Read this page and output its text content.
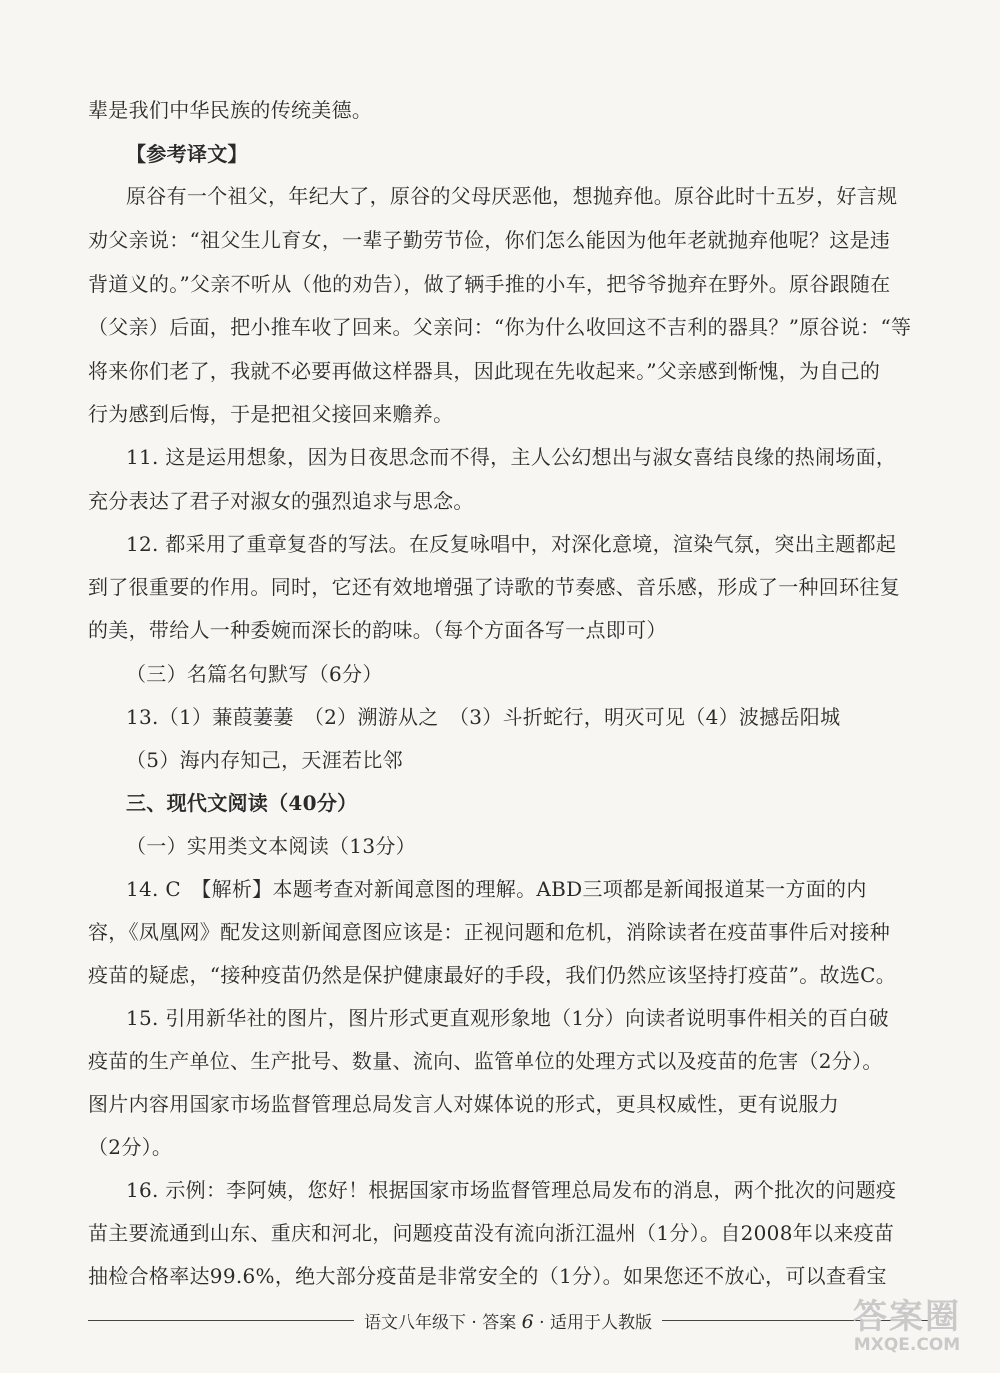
辈是我们中华民族的传统美德。
【参考译文】
原谷有一个祖父，年纪大了，原谷的父母厌恶他，想抛弃他。原谷此时十五岁，好言规
劝父亲说：“祖父生儿育女，一辈子勤劳节俭，你们怎么能因为他年老就抛弃他呢？这是违
背道义的。”父亲不听从（他的劝告），做了辆手推的小车，把爷爷抛弃在野外。原谷跟随在
（父亲）后面，把小推车收了回来。父亲问：“你为什么收回这不吉利的器具？”原谷说：“等
将来你们老了，我就不必要再做这样器具，因此现在先收起来。”父亲感到惭愧，为自己的
行为感到后悔，于是把祖父接回来赡养。
11. 这是运用想象，因为日夜思念而不得，主人公幻想出与淑女喜结良缘的热闹场面，
充分表达了君子对淑女的强烈追求与思念。
12. 都采用了重章复沓的写法。在反复咏唱中，对深化意境，渲染气氛，突出主题都起
到了很重要的作用。同时，它还有效地增强了诗歌的节奏感、音乐感，形成了一种回环往复
的美，带给人一种委婉而深长的韵味。（每个方面各写一点即可）
（三）名篇名句默写（6分）
13.（1）蒹葭萋萋　（2）溯游从之　（3）斗折蛇行，明灭可见（4）波撼岳阳城
（5）海内存知己，天涯若比邻
三、现代文阅读（40分）
（一）实用类文本阅读（13分）
14. C　【解析】本题考查对新闻意图的理解。ABD三项都是新闻报道某一方面的内
容，《凤凰网》配发这则新闻意图应该是：正视问题和危机，消除读者在疫苗事件后对接种
疫苗的疑虑，“接种疫苗仍然是保护健康最好的手段，我们仍然应该坚持打疫苗”。故选C。
15. 引用新华社的图片，图片形式更直观形象地（1分）向读者说明事件相关的百白破
疫苗的生产单位、生产批号、数量、流向、监管单位的处理方式以及疫苗的危害（2分）。
图片内容用国家市场监督管理总局发言人对媒体说的形式，更具权威性，更有说服力
（2分）。
16. 示例：李阿姨，您好！根据国家市场监督管理总局发布的消息，两个批次的问题疫
苗主要流通到山东、重庆和河北，问题疫苗没有流向浙江温州（1分）。自2008年以来疫苗
抽检合格率达99.6%，绝大部分疫苗是非常安全的（1分）。如果您还不放心，可以查看宝
语文八年级下 · 答案 6 · 适用于人教版	答案圈
MXQE.COM
